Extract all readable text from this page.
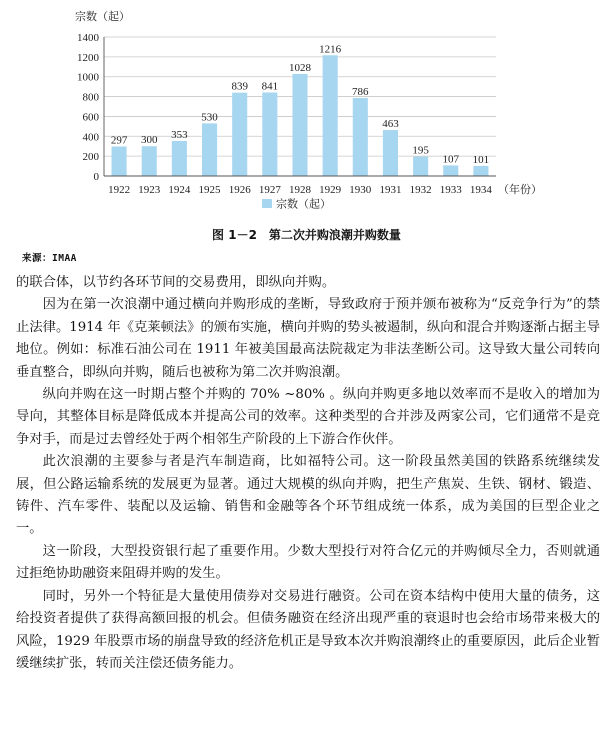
297 300 353
530
839 841
1028
1216
786
463
195
107 101
0
200
400
600
800
1000
1200
1400
1922 1923 1924 1925 1926 1927 1928 1929 1930 1931 1932 1933 1934
宗数（起）
（年份）
宗数（起）
图 1－2　第二次并购浪潮并购数量
来源：IMAA

的联合体，以节约各环节间的交易费用，即纵向并购。

因为在第一次浪潮中通过横向并购形成的垄断，导致政府于预并颁布被称为“反竞争行为”的禁止法律。1914 年《克莱顿法》的颁布实施，横向并购的势头被遏制，纵向和混合并购逐渐占据主导地位。例如：标准石油公司在 1911 年被美国最高法院裁定为非法垄断公司。这导致大量公司转向垂直整合，即纵向并购，随后也被称为第二次并购浪潮。

纵向并购在这一时期占整个并购的 70% ~80% 。纵向并购更多地以效率而不是收入的增加为导向，其整体目标是降低成本并提高公司的效率。这种类型的合并涉及两家公司，它们通常不是竞争对手，而是过去曾经处于两个相邻生产阶段的上下游合作伙伴。

此次浪潮的主要参与者是汽车制造商，比如福特公司。这一阶段虽然美国的铁路系统继续发展，但公路运输系统的发展更为显著。通过大规模的纵向并购，把生产焦炭、生铁、钢材、锻造、铸件、汽车零件、装配以及运输、销售和金融等各个环节组成统一体系，成为美国的巨型企业之一。

这一阶段，大型投资银行起了重要作用。少数大型投行对符合亿元的并购倾尽全力，否则就通过拒绝协助融资来阻碍并购的发生。

同时，另外一个特征是大量使用债券对交易进行融资。公司在资本结构中使用大量的债务，这给投资者提供了获得高额回报的机会。但债务融资在经济出现严重的衰退时也会给市场带来极大的风险，1929 年股票市场的崩盘导致的经济危机正是导致本次并购浪潮终止的重要原因，此后企业暂缓继续扩张，转而关注偿还债务能力。
